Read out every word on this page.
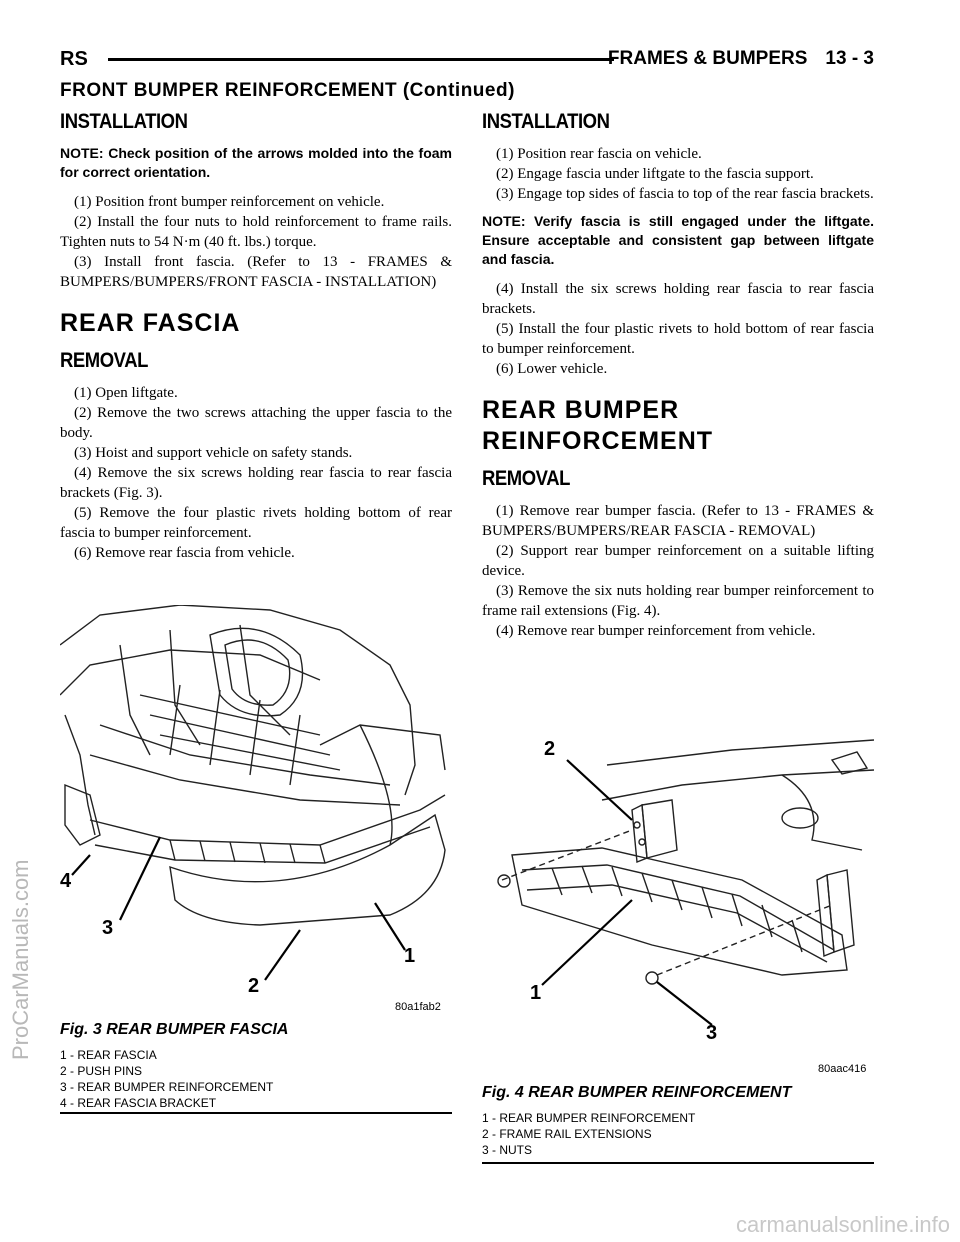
RS	FRAMES & BUMPERS 13 - 3
FRONT BUMPER REINFORCEMENT (Continued)
INSTALLATION

NOTE: Check position of the arrows molded into the foam for correct orientation.

(1) Position front bumper reinforcement on vehicle.

(2) Install the four nuts to hold reinforcement to frame rails. Tighten nuts to 54 N·m (40 ft. lbs.) torque.

(3) Install front fascia. (Refer to 13 - FRAMES & BUMPERS/BUMPERS/FRONT FASCIA - INSTALLATION)

REAR FASCIA
REMOVAL

(1) Open liftgate.

(2) Remove the two screws attaching the upper fascia to the body.

(3) Hoist and support vehicle on safety stands.

(4) Remove the six screws holding rear fascia to rear fascia brackets (Fig. 3).

(5) Remove the four plastic rivets holding bottom of rear fascia to bumper reinforcement.

(6) Remove rear fascia from vehicle.

INSTALLATION

(1) Position rear fascia on vehicle.

(2) Engage fascia under liftgate to the fascia support.

(3) Engage top sides of fascia to top of the rear fascia brackets.

NOTE: Verify fascia is still engaged under the liftgate. Ensure acceptable and consistent gap between liftgate and fascia.

(4) Install the six screws holding rear fascia to rear fascia brackets.

(5) Install the four plastic rivets to hold bottom of rear fascia to bumper reinforcement.

(6) Lower vehicle.

REAR BUMPER
REINFORCEMENT
REMOVAL

(1) Remove rear bumper fascia. (Refer to 13 - FRAMES & BUMPERS/BUMPERS/REAR FASCIA - REMOVAL)

(2) Support rear bumper reinforcement on a suitable lifting device.

(3) Remove the six nuts holding rear bumper reinforcement to frame rail extensions (Fig. 4).

(4) Remove rear bumper reinforcement from vehicle.

4
3
2
1
80a1fab2
Fig. 3 REAR BUMPER FASCIA
1 - REAR FASCIA
2 - PUSH PINS
3 - REAR BUMPER REINFORCEMENT
4 - REAR FASCIA BRACKET
2
1
3
80aac416
Fig. 4 REAR BUMPER REINFORCEMENT
1 - REAR BUMPER REINFORCEMENT
2 - FRAME RAIL EXTENSIONS
3 - NUTS
ProCarManuals.com
carmanualsonline.info
